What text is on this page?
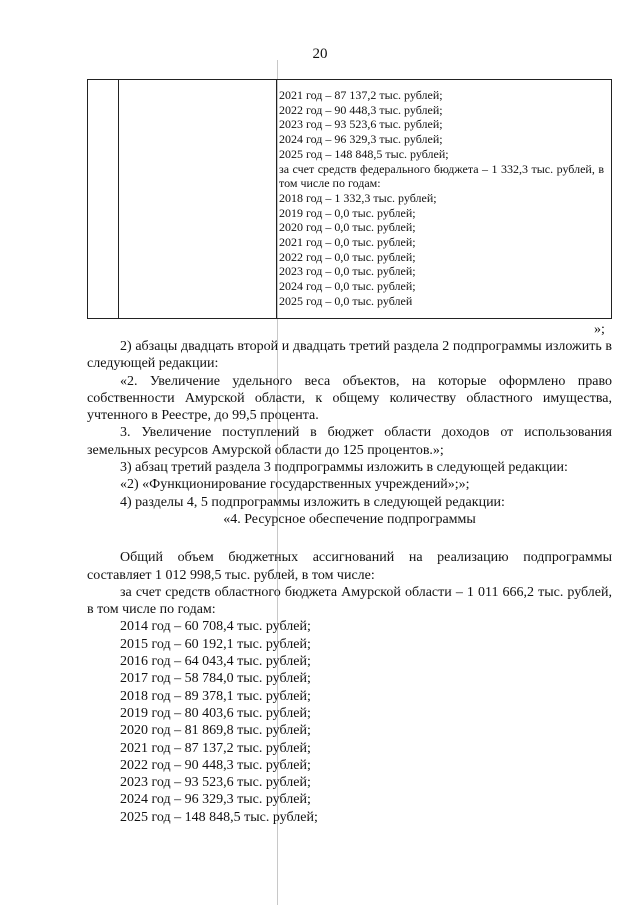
20
2021 год – 87 137,2 тыс. рублей;
2022 год – 90 448,3 тыс. рублей;
2023 год – 93 523,6 тыс. рублей;
2024 год – 96 329,3 тыс. рублей;
2025 год – 148 848,5 тыс. рублей;
за счет средств федерального бюджета – 1 332,3 тыс. рублей, в том числе по годам:
2018 год – 1 332,3 тыс. рублей;
2019 год – 0,0 тыс. рублей;
2020 год – 0,0 тыс. рублей;
2021 год – 0,0 тыс. рублей;
2022 год – 0,0 тыс. рублей;
2023 год – 0,0 тыс. рублей;
2024 год – 0,0 тыс. рублей;
2025 год – 0,0 тыс. рублей
»;

2) абзацы двадцать второй и двадцать третий раздела 2 подпрограммы изложить в следующей редакции:

«2. Увеличение удельного веса объектов, на которые оформлено право собственности Амурской области, к общему количеству областного имущества, учтенного в Реестре, до 99,5 процента.

3. Увеличение поступлений в бюджет области доходов от использования земельных ресурсов Амурской области до 125 процентов.»;

3) абзац третий раздела 3 подпрограммы изложить в следующей редакции:

«2) «Функционирование государственных учреждений»;»;

4) разделы 4, 5 подпрограммы изложить в следующей редакции:

«4. Ресурсное обеспечение подпрограммы

Общий объем бюджетных ассигнований на реализацию подпрограммы составляет 1 012 998,5 тыс. рублей, в том числе:

за счет средств областного бюджета Амурской области – 1 011 666,2 тыс. рублей, в том числе по годам:

2014 год – 60 708,4 тыс. рублей;
2015 год – 60 192,1 тыс. рублей;
2016 год – 64 043,4 тыс. рублей;
2017 год – 58 784,0 тыс. рублей;
2018 год – 89 378,1 тыс. рублей;
2019 год – 80 403,6 тыс. рублей;
2020 год – 81 869,8 тыс. рублей;
2021 год – 87 137,2 тыс. рублей;
2022 год – 90 448,3 тыс. рублей;
2023 год – 93 523,6 тыс. рублей;
2024 год – 96 329,3 тыс. рублей;
2025 год – 148 848,5 тыс. рублей;
